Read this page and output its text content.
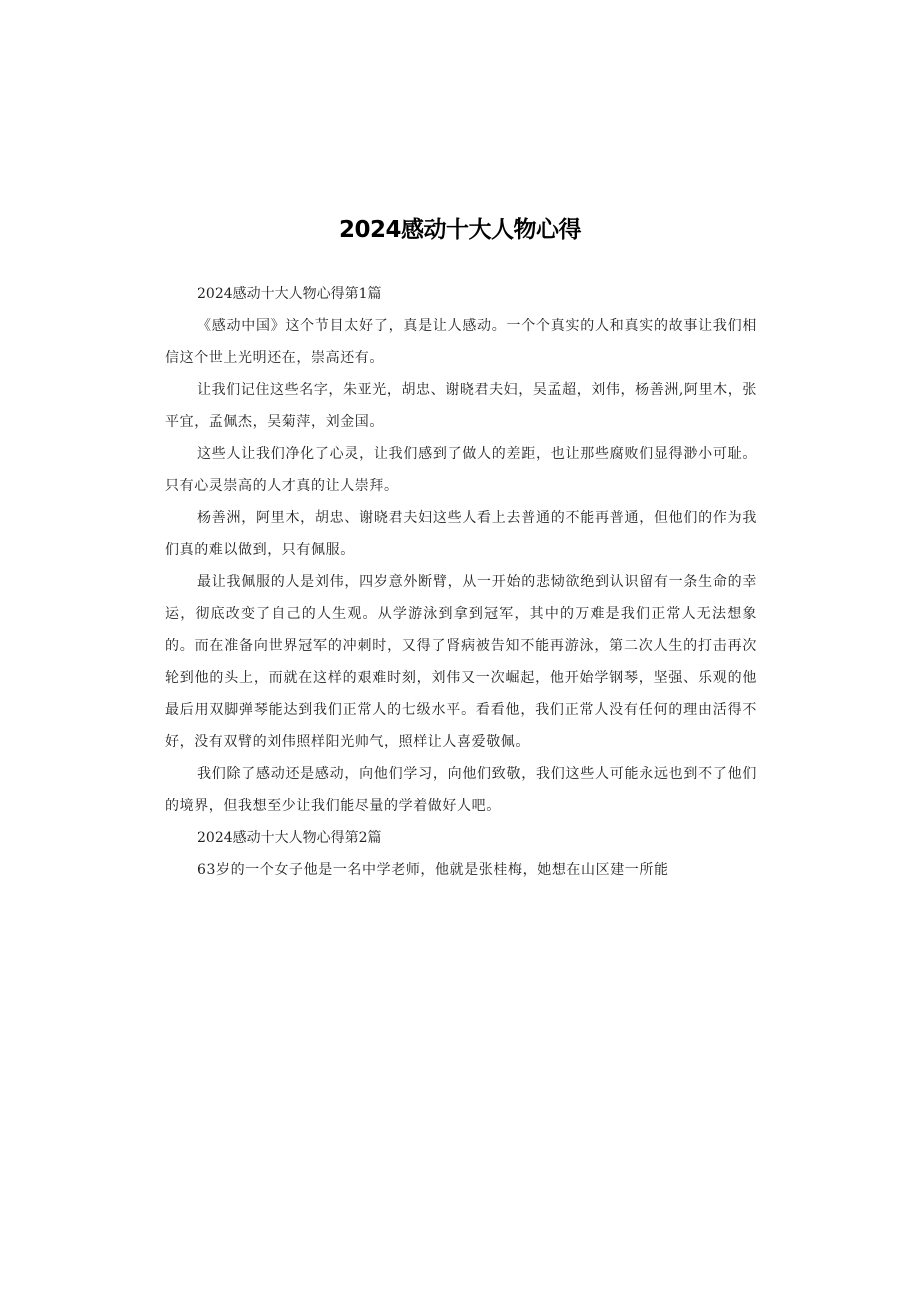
2024感动十大人物心得

2024感动十大人物心得第1篇

《感动中国》这个节目太好了，真是让人感动。一个个真实的人和真实的故事让我们相信这个世上光明还在，崇高还有。

让我们记住这些名字，朱亚光，胡忠、谢晓君夫妇，吴孟超，刘伟，杨善洲,阿里木，张平宜，孟佩杰，吴菊萍，刘金国。

这些人让我们净化了心灵，让我们感到了做人的差距，也让那些腐败们显得渺小可耻。只有心灵崇高的人才真的让人崇拜。

杨善洲，阿里木，胡忠、谢晓君夫妇这些人看上去普通的不能再普通，但他们的作为我们真的难以做到，只有佩服。

最让我佩服的人是刘伟，四岁意外断臂，从一开始的悲恸欲绝到认识留有一条生命的幸运，彻底改变了自己的人生观。从学游泳到拿到冠军，其中的万难是我们正常人无法想象的。而在准备向世界冠军的冲刺时，又得了肾病被告知不能再游泳，第二次人生的打击再次轮到他的头上，而就在这样的艰难时刻，刘伟又一次崛起，他开始学钢琴，坚强、乐观的他最后用双脚弹琴能达到我们正常人的七级水平。看看他，我们正常人没有任何的理由活得不好，没有双臂的刘伟照样阳光帅气，照样让人喜爱敬佩。

我们除了感动还是感动，向他们学习，向他们致敬，我们这些人可能永远也到不了他们的境界，但我想至少让我们能尽量的学着做好人吧。

2024感动十大人物心得第2篇

63岁的一个女子他是一名中学老师，他就是张桂梅，她想在山区建一所能
